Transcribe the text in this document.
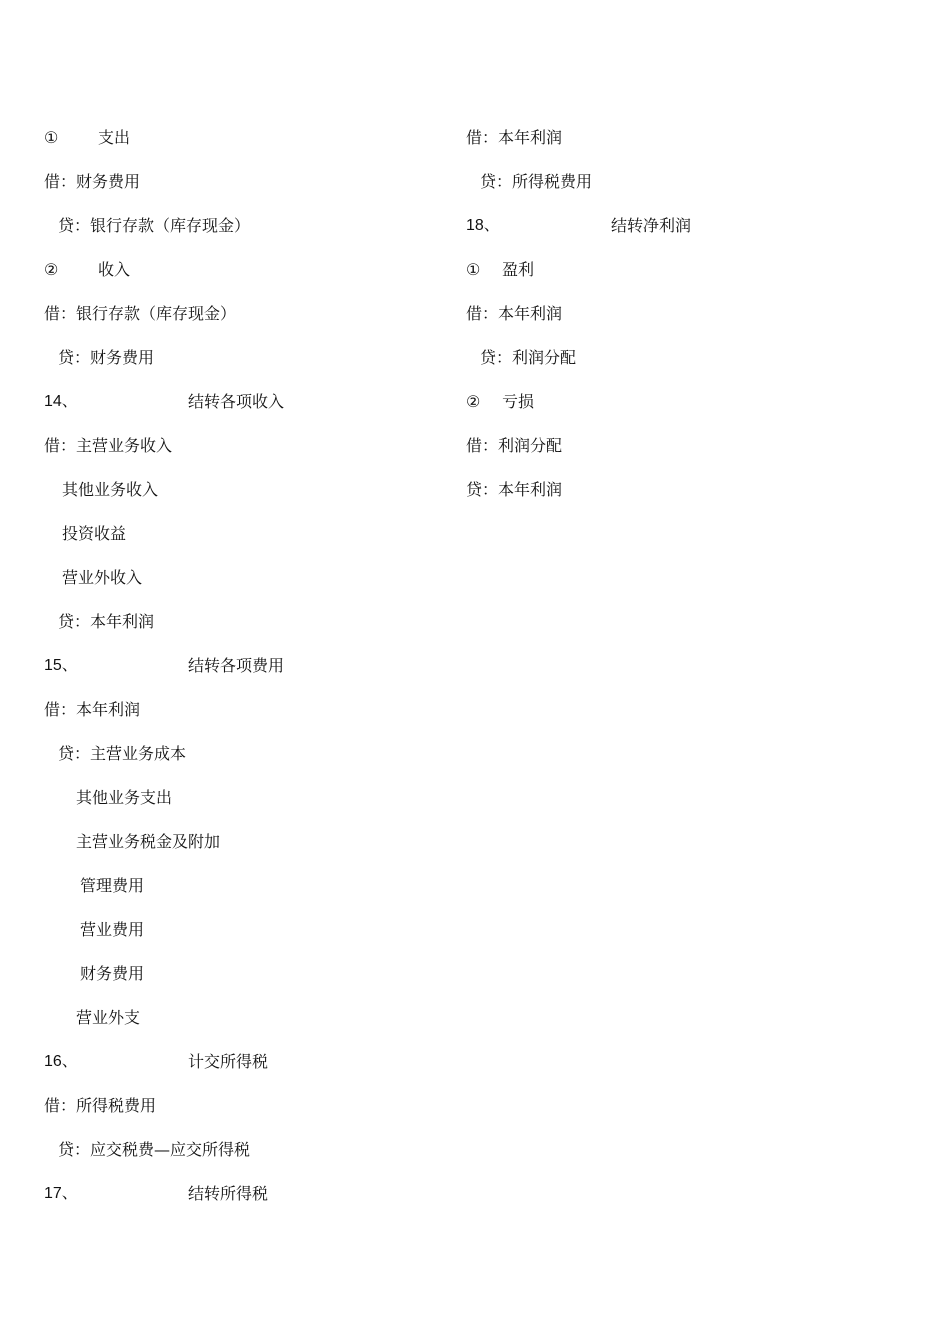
① 支出
借：财务费用
贷：银行存款（库存现金）
② 收入
借：银行存款（库存现金）
贷：财务费用
14、	结转各项收入
借：主营业务收入
其他业务收入
投资收益
营业外收入
贷：本年利润
15、	结转各项费用
借：本年利润
贷：主营业务成本
其他业务支出
主营业务税金及附加
管理费用
营业费用
财务费用
营业外支
16、	计交所得税
借：所得税费用
贷：应交税费—应交所得税
17、	结转所得税
借：本年利润
贷：所得税费用
18、	结转净利润
① 盈利
借：本年利润
贷：利润分配
② 亏损
借：利润分配
贷：本年利润
